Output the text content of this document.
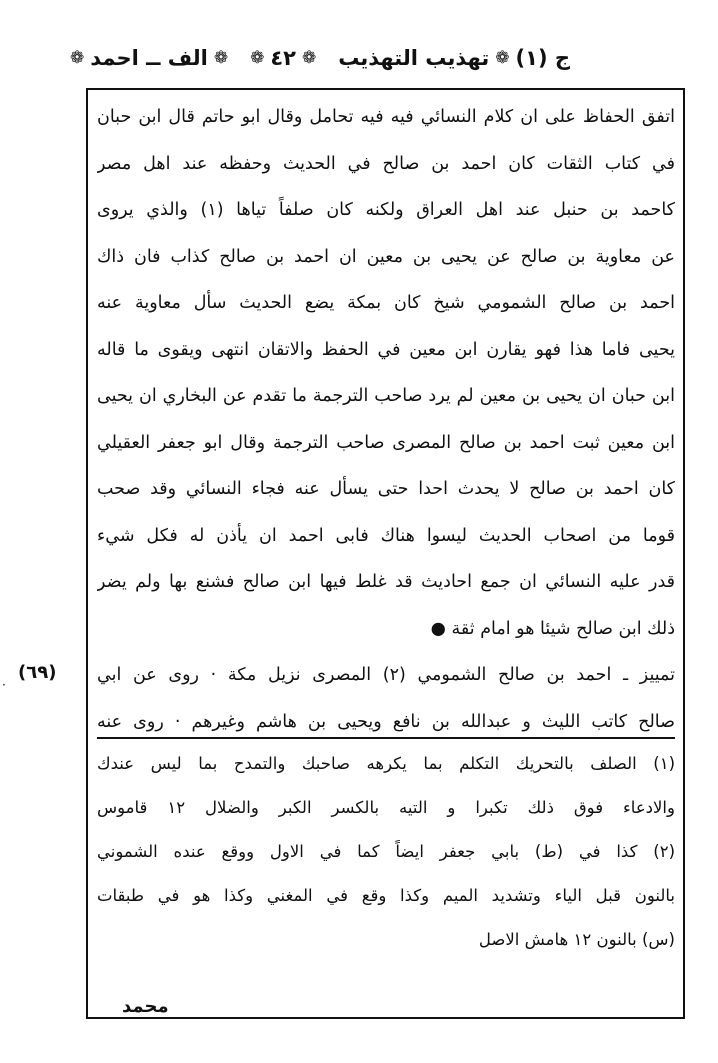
ج (١)
❁
تهذيب التهذيب
❁
٤٢
❁
❁
الف ــ احمد
❁
اتفق الحفاظ على ان كلام النسائي فيه فيه تحامل وقال ابو حاتم قال ابن حبان
في كتاب الثقات كان احمد بن صالح في الحديث وحفظه عند اهل مصر
كاحمد بن حنبل عند اهل العراق ولكنه كان صلفاً تياها (١) والذي يروى
عن معاوية بن صالح عن يحيى بن معين ان احمد بن صالح كذاب فان ذاك
احمد بن صالح الشمومي شيخ كان بمكة يضع الحديث سأل معاوية عنه
يحيى فاما هذا فهو يقارن ابن معين في الحفظ والاتقان انتهى ويقوى ما قاله
ابن حبان ان يحيى بن معين لم يرد صاحب الترجمة ما تقدم عن البخاري ان يحيى
ابن معين ثبت احمد بن صالح المصرى صاحب الترجمة وقال ابو جعفر العقيلي
كان احمد بن صالح لا يحدث احدا حتى يسأل عنه فجاء النسائي وقد صحب
قوما من اصحاب الحديث ليسوا هناك فابى احمد ان يأذن له فكل شيء
قدر عليه النسائي ان جمع احاديث قد غلط فيها ابن صالح فشنع بها ولم يضر
ذلك ابن صالح شيئا هو امام ثقة ●
تمييز ـ احمد بن صالح الشمومي (٢) المصرى نزيل مكة · روى عن ابي
صالح كاتب الليث و عبدالله بن نافع ويحيى بن هاشم وغيرهم · روى عنه
(٦٩)
·
(١) الصلف بالتحريك التكلم بما يكرهه صاحبك والتمدح بما ليس عندك
والادعاء فوق ذلك تكبرا و التيه بالكسر الكبر والضلال ١٢ قاموس
(٢) كذا في (ط) بابي جعفر ايضاً كما في الاول ووقع عنده الشموني
بالنون قبل الياء وتشديد الميم وكذا وقع في المغني وكذا هو في طبقات
(س) بالنون ١٢ هامش الاصل
محمد
